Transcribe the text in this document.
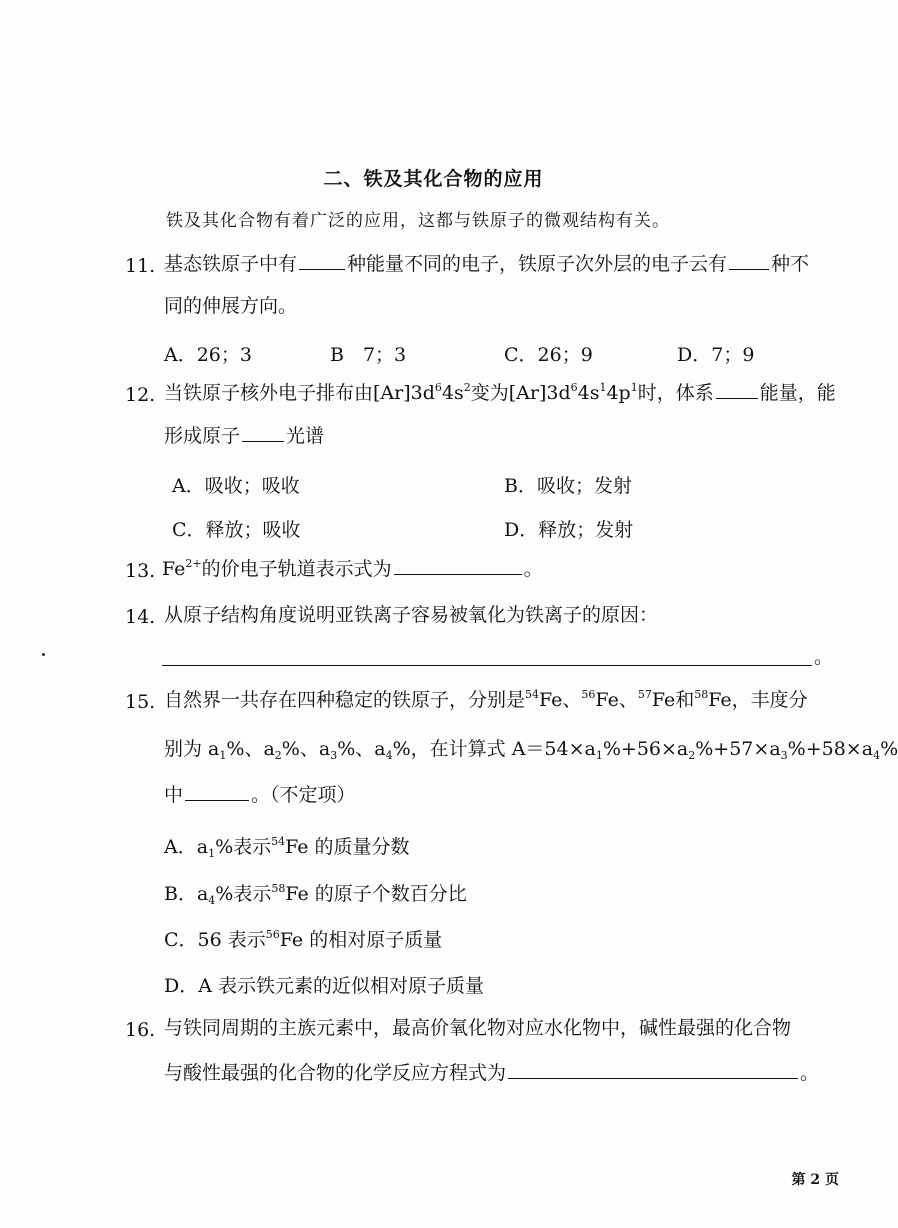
二、铁及其化合物的应用
铁及其化合物有着广泛的应用，这都与铁原子的微观结构有关。
11. 基态铁原子中有	种能量不同的电子，铁原子次外层的电子云有 种不
同的伸展方向。
A．26；3	B　7；3	C．26；9	D．7；9
12. 当铁原子核外电子排布由$[Ar]3d^64s^2$变为$[Ar]3d^64s^14p^1$时，体系 能量，能
形成原子 光谱
A．吸收；吸收	B．吸收；发射
C．释放；吸收	D．释放；发射
13. $Fe^{2+}$的价电子轨道表示式为	。
14. 从原子结构角度说明亚铁离子容易被氧化为铁离子的原因：
。
15. 自然界一共存在四种稳定的铁原子，分别是$^{54}$Fe、$^{56}$Fe、$^{57}$Fe和$^{58}$Fe，丰度分
别为 $a_1\%$、$a_2\%$、$a_3\%$、$a_4\%$，在计算式 $A=54\times a_1\%+56\times a_2\%+57\times a_3\%+58\times a_4\%$
中	。（不定项）
A．$a_1\%$表示$^{54}$Fe 的质量分数
B．$a_4\%$表示$^{58}$Fe 的原子个数百分比
C．56 表示$^{56}$Fe 的相对原子质量
D．A 表示铁元素的近似相对原子质量
16. 与铁同周期的主族元素中，最高价氧化物对应水化物中，碱性最强的化合物
与酸性最强的化合物的化学反应方程式为	。
第 2 页
